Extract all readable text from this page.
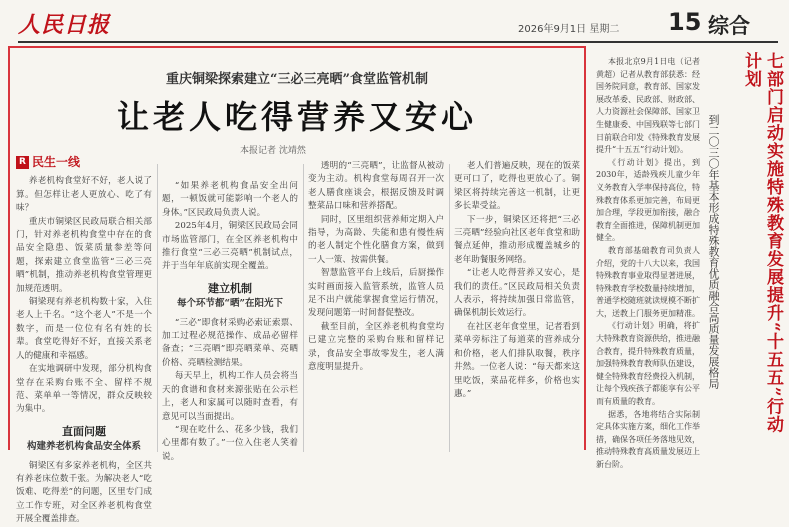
人民日报	2026年9月1日 星期二 15 综合
重庆铜梁探索建立“三必三亮晒”食堂监管机制
让老人吃得营养又安心
本报记者 沈靖然
R 民生一线

养老机构食堂好不好，老人说了算。但怎样让老人更放心、吃了有味？

重庆市铜梁区民政局联合相关部门，针对养老机构食堂中存在的食品安全隐患、饭菜质量参差等问题，探索建立食堂监管“三必三亮晒”机制，推动养老机构食堂管理更加规范透明。

铜梁现有养老机构数十家，入住老人上千名。“这个老人”不是一个数字，而是一位位有名有姓的长辈。食堂吃得好不好，直接关系老人的健康和幸福感。

在实地调研中发现，部分机构食堂存在采购台账不全、留样不规范、菜单单一等情况，群众反映较为集中。

直面问题
构建养老机构食品安全体系

铜梁区有多家养老机构，全区共有养老床位数千张。为解决老人“吃饭难、吃得差”的问题，区里专门成立工作专班，对全区养老机构食堂开展全覆盖排查。

“如果养老机构食品安全出问题，一顿饭就可能影响一个老人的身体。”区民政局负责人说。

2025年4月，铜梁区民政局会同市场监管部门，在全区养老机构中推行食堂“三必三亮晒”机制试点，并于当年年底前实现全覆盖。

建立机制
每个环节都“晒”在阳光下

“三必”即食材采购必索证索票、加工过程必规范操作、成品必留样备查；“三亮晒”即亮晒菜单、亮晒价格、亮晒检测结果。

每天早上，机构工作人员会将当天的食谱和食材来源张贴在公示栏上，老人和家属可以随时查看，有意见可以当面提出。

“现在吃什么、花多少钱，我们心里都有数了。”一位入住老人笑着说。

透明的“三亮晒”，让监督从被动变为主动。机构食堂每周召开一次老人膳食座谈会，根据反馈及时调整菜品口味和营养搭配。

同时，区里组织营养师定期入户指导，为高龄、失能和患有慢性病的老人制定个性化膳食方案，做到一人一策、按需供餐。

智慧监管平台上线后，后厨操作实时画面接入监管系统，监管人员足不出户就能掌握食堂运行情况，发现问题第一时间督促整改。

截至目前，全区养老机构食堂均已建立完整的采购台账和留样记录，食品安全事故零发生，老人满意度明显提升。

老人们普遍反映，现在的饭菜更可口了，吃得也更放心了。铜梁区将持续完善这一机制，让更多长辈受益。

下一步，铜梁区还将把“三必三亮晒”经验向社区老年食堂和助餐点延伸，推动形成覆盖城乡的老年助餐服务网络。

“让老人吃得营养又安心，是我们的责任。”区民政局相关负责人表示，将持续加强日常监管，确保机制长效运行。

在社区老年食堂里，记者看到菜单旁标注了每道菜的营养成分和价格，老人们排队取餐，秩序井然。一位老人说：“每天都来这里吃饭，菜品花样多，价格也实惠。”

本报北京9月1日电（记者黄超）记者从教育部获悉：经国务院同意，教育部、国家发展改革委、民政部、财政部、人力资源社会保障部、国家卫生健康委、中国残联等七部门日前联合印发《特殊教育发展提升“十五五”行动计划》。

《行动计划》提出，到2030年，适龄残疾儿童少年义务教育入学率保持高位，特殊教育体系更加完善，布局更加合理，学段更加衔接，融合教育全面推进，保障机制更加健全。

教育部基础教育司负责人介绍，党的十八大以来，我国特殊教育事业取得显著进展，特殊教育学校数量持续增加，普通学校随班就读规模不断扩大，送教上门服务更加精准。

《行动计划》明确，将扩大特殊教育资源供给，推进融合教育，提升特殊教育质量，加强特殊教育教师队伍建设，健全特殊教育经费投入机制，让每个残疾孩子都能享有公平而有质量的教育。

据悉，各地将结合实际制定具体实施方案，细化工作举措，确保各项任务落地见效，推动特殊教育高质量发展迈上新台阶。

七部门启动实施特殊教育发展提升“十五五”行动计划
到二〇三〇年基本形成特殊教育优质融合高质量发展格局
